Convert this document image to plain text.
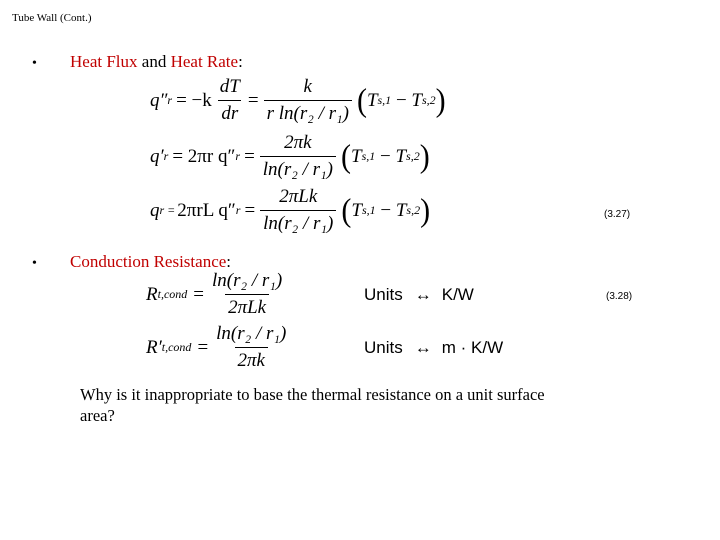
Tube Wall (Cont.)
•	Heat Flux and Heat Rate:
q″ $r = -k \frac{dT}{dr} = \frac{k}{\text{r ln(r₂ / r₁)}}$ ( T s,1 − T s,2 )
q′ r = 2πr q″ $r = \frac{2\pi k}{\text{ln(r₂ / r₁)}}$ ( T s,1 − T s,2 )
q r = 2πrL q″ $r = \frac{\text{2πLk}}{\text{ln(r₂ / r₁)}}$ ( T s,1 − T s,2 )	(3.27)
•	Conduction Resistance:
R t,cond = $\frac{\text{ln(r₂ / r₁)}}{\text{2πLk}}$	Units ↔ K/W	(3.28)
R′ t,cond = $\frac{\text{ln(r₂ / r₁)}}{2\pi k}$	Units ↔ m · K/W
Why is it inappropriate to base the thermal resistance on a unit surface area?
